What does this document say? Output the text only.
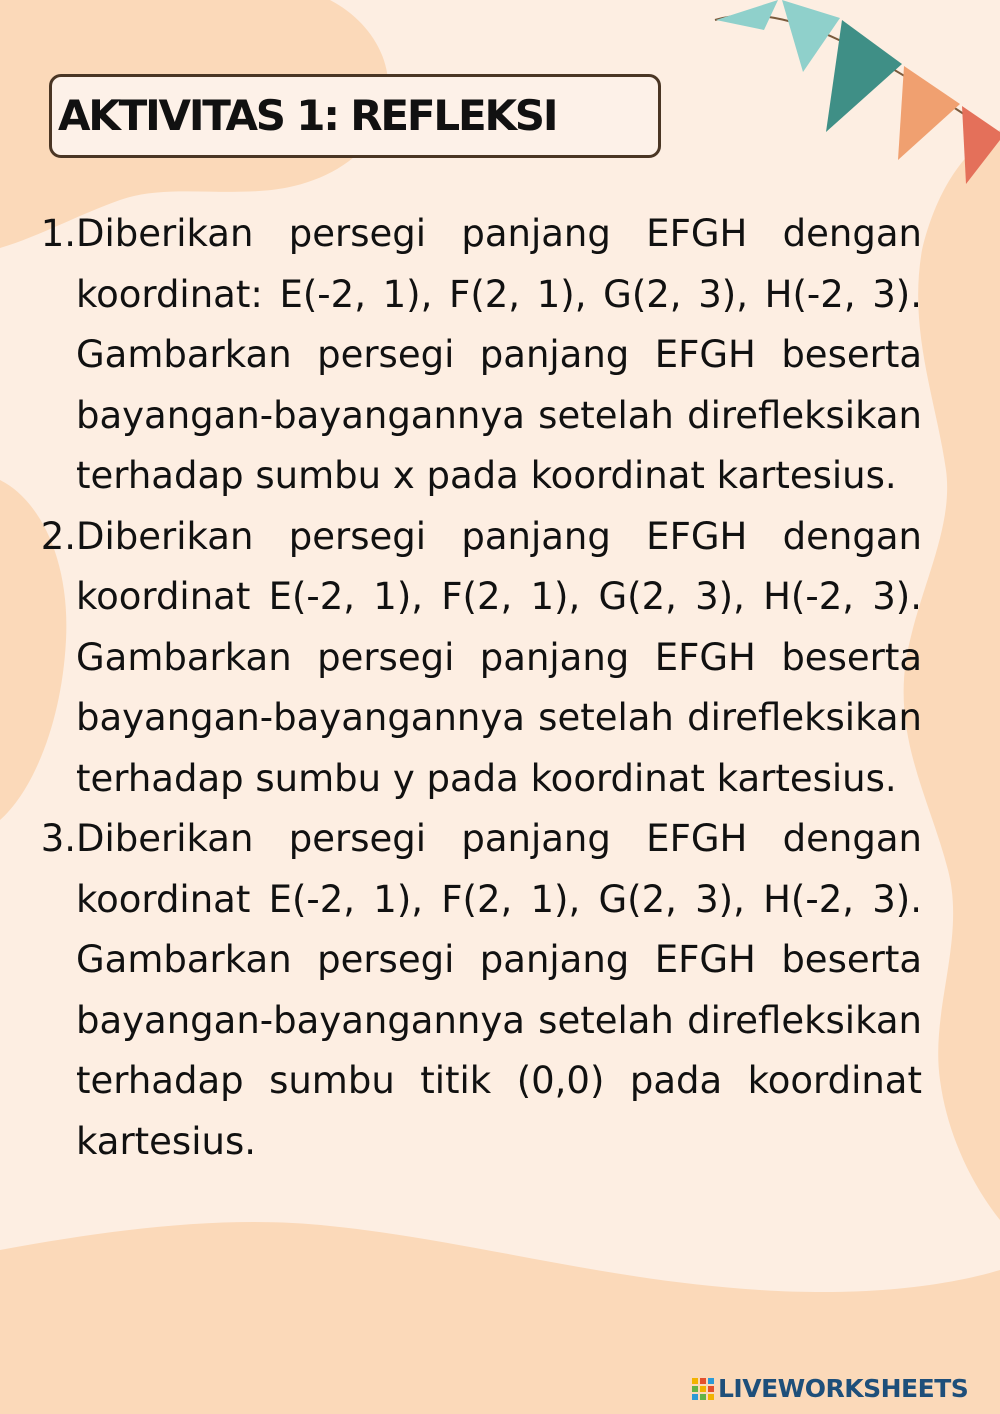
AKTIVITAS 1: REFLEKSI
1. Diberikan persegi panjang EFGH dengan koordinat: E(-2, 1), F(2, 1), G(2, 3), H(-2, 3). Gambarkan persegi panjang EFGH beserta bayangan-bayangannya setelah direfleksikan terhadap sumbu x pada koordinat kartesius.
2. Diberikan persegi panjang EFGH dengan koordinat E(-2, 1), F(2, 1), G(2, 3), H(-2, 3). Gambarkan persegi panjang EFGH beserta bayangan-bayangannya setelah direfleksikan terhadap sumbu y pada koordinat kartesius.
3. Diberikan persegi panjang EFGH dengan koordinat E(-2, 1), F(2, 1), G(2, 3), H(-2, 3). Gambarkan persegi panjang EFGH beserta bayangan-bayangannya setelah direfleksikan terhadap sumbu titik (0,0) pada koordinat kartesius.
LIVEWORKSHEETS
